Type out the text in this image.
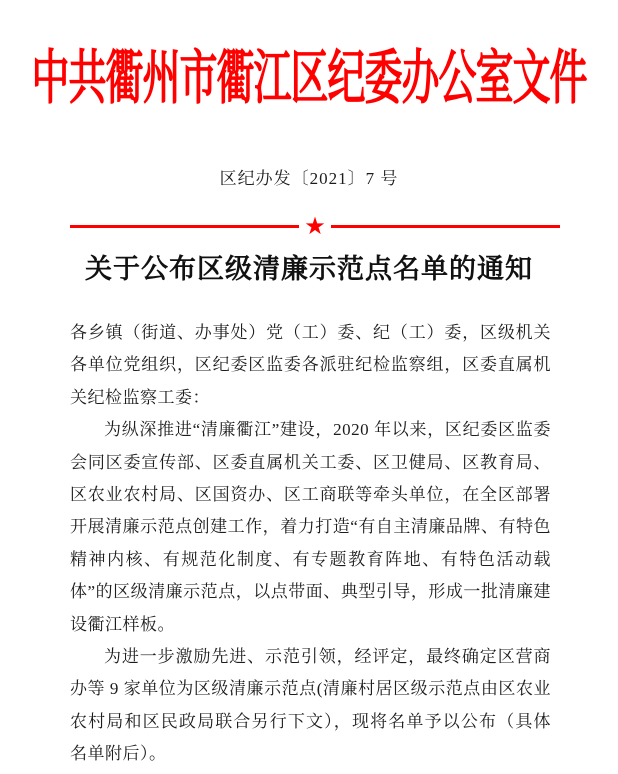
中共衢州市衢江区纪委办公室文件
区纪办发〔2021〕7 号
★
关于公布区级清廉示范点名单的通知

各乡镇（街道、办事处）党（工）委、纪（工）委，区级机关各单位党组织，区纪委区监委各派驻纪检监察组，区委直属机关纪检监察工委：

为纵深推进“清廉衢江”建设，2020 年以来，区纪委区监委会同区委宣传部、区委直属机关工委、区卫健局、区教育局、区农业农村局、区国资办、区工商联等牵头单位，在全区部署开展清廉示范点创建工作，着力打造“有自主清廉品牌、有特色精神内核、有规范化制度、有专题教育阵地、有特色活动载体”的区级清廉示范点，以点带面、典型引导，形成一批清廉建设衢江样板。

为进一步激励先进、示范引领，经评定，最终确定区营商办等 9 家单位为区级清廉示范点(清廉村居区级示范点由区农业农村局和区民政局联合另行下文），现将名单予以公布（具体名单附后）。
